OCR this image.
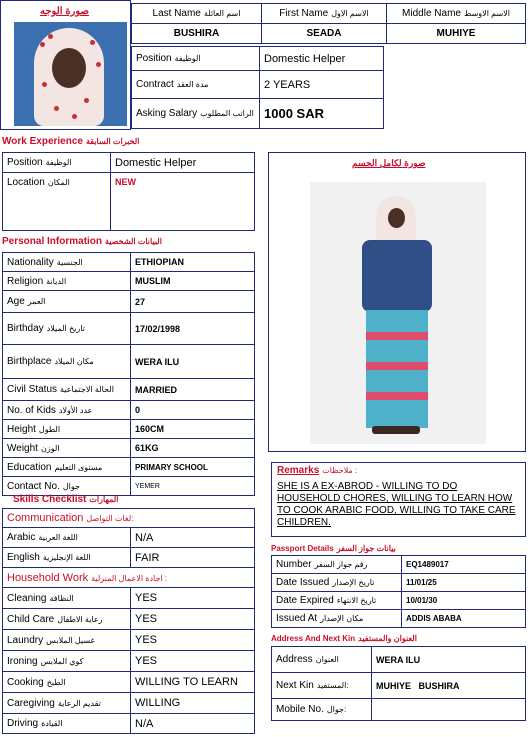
صورة الوجه	Last Name اسم العائلة	First Name الاسم الاول	Middle Name الاسم الاوسط
BUSHIRA	SEADA	MUHIYE
Position الوظيفة	Domestic Helper
Contract مدة العقد	2 YEARS
Asking Salary الراتب المطلوب	1000 SAR
Work Experience الخبرات السابقة
Position الوظيفة	Domestic Helper
Location المكان	NEW
صورة لكامل الجسم
Personal Information البيانات الشخصية
Nationality الجنسية	ETHIOPIAN
Religion الديانة	MUSLIM
Age العمر	27
Birthday تاريخ الميلاد	17/02/1998
Birthplace مكان الميلاد	WERA ILU
Civil Status الحالة الاجتماعية	MARRIED
No. of Kids عدد الأولاد	0
Height الطول	160CM
Weight الوزن	61KG
Education مستوى التعليم	PRIMARY SCHOOL
Contact No. جوال	YEMER
Remarks ملاحظات :
SHE IS A EX-ABROD - WILLING TO DO HOUSEHOLD CHORES, WILLING TO LEARN HOW TO COOK ARABIC FOOD, WILLING TO TAKE CARE CHILDREN.
Passport Details بيانات جواز السفر
Number رقم جواز السفر	EQ1489017
Date Issued تاريخ الإصدار	11/01/25
Date Expired تاريخ الانتهاء	10/01/30
Issued At مكان الإصدار	ADDIS ABABA
Address And Next Kin العنوان والمستفيد
Address العنوان	WERA ILU
Next Kin المستفيد:	MUHIYE   BUSHIRA
Mobile No. جوال:	
Skills Checklist المهارات
Communication لغات التواصل:	
Arabic اللغة العربية	N/A
English اللغة الإنجليزية	FAIR
Household Work اجادة الاعمال المنزلية :	
Cleaning النظافة	YES
Child Care رعاية الاطفال	YES
Laundry غسيل الملابس	YES
Ironing كوي الملابس	YES
Cooking الطبخ	WILLING TO LEARN
Caregiving تقديم الرعاية	WILLING
Driving القيادة	N/A
